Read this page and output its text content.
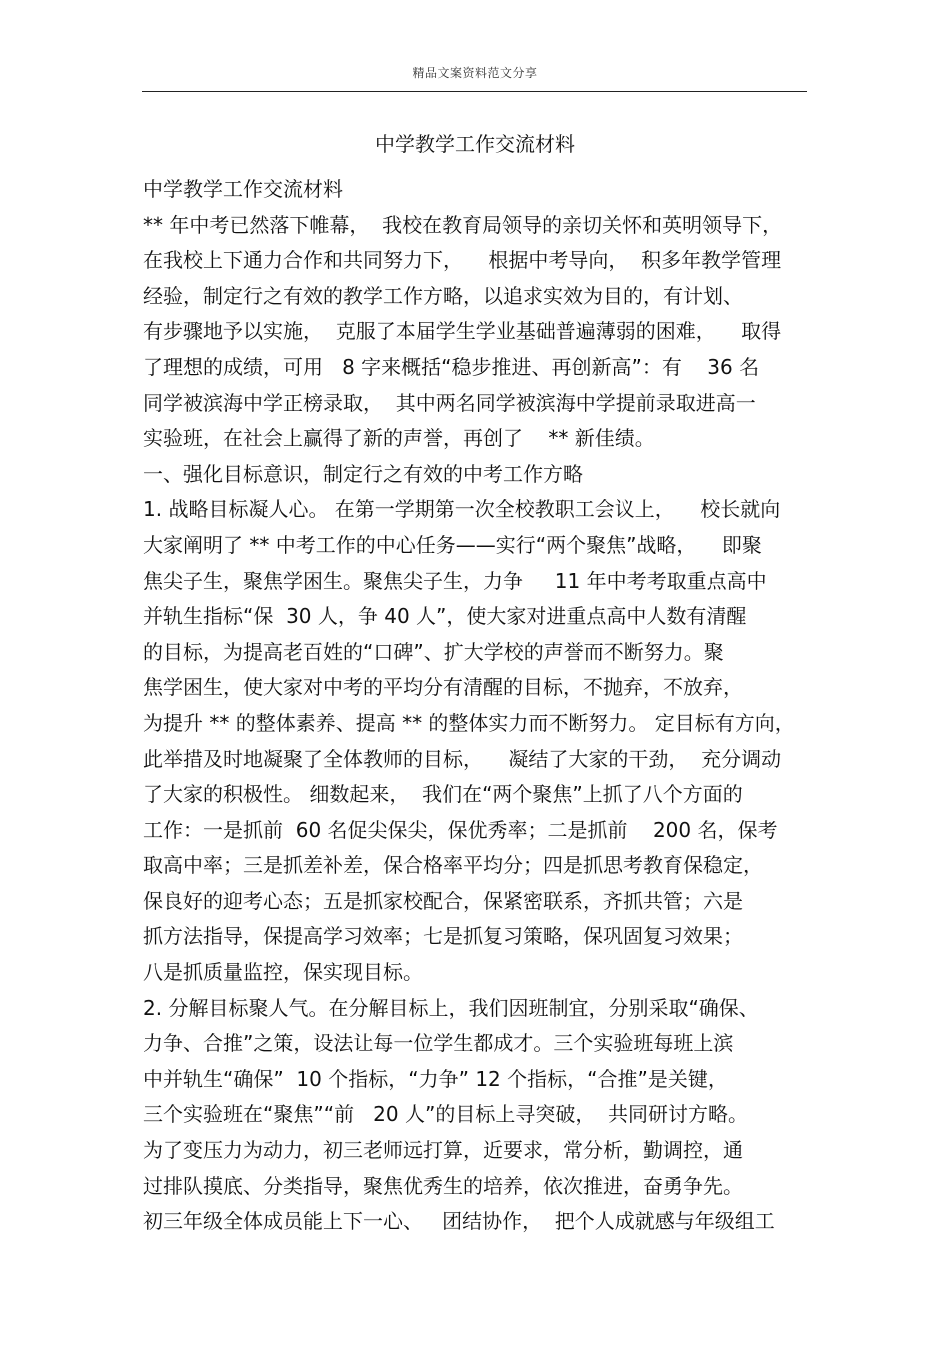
精品文案资料范文分享
中学教学工作交流材料
中学教学工作交流材料
** 年中考已然落下帷幕，  我校在教育局领导的亲切关怀和英明领导下，
在我校上下通力合作和共同努力下，    根据中考导向，  积多年教学管理
经验，制定行之有效的教学工作方略，以追求实效为目的，有计划、
有步骤地予以实施，  克服了本届学生学业基础普遍薄弱的困难，    取得
了理想的成绩，可用   8 字来概括“稳步推进、再创新高”：有    36 名
同学被滨海中学正榜录取，  其中两名同学被滨海中学提前录取进高一
实验班，在社会上赢得了新的声誉，再创了    ** 新佳绩。
一、强化目标意识，制定行之有效的中考工作方略
1. 战略目标凝人心。 在第一学期第一次全校教职工会议上，    校长就向
大家阐明了 ** 中考工作的中心任务——实行“两个聚焦”战略，    即聚
焦尖子生，聚焦学困生。聚焦尖子生，力争     11 年中考考取重点高中
并轨生指标“保  30 人，争 40 人”，使大家对进重点高中人数有清醒
的目标，为提高老百姓的“口碑”、扩大学校的声誉而不断努力。聚
焦学困生，使大家对中考的平均分有清醒的目标，不抛弃，不放弃，
为提升 ** 的整体素养、提高 ** 的整体实力而不断努力。 定目标有方向，
此举措及时地凝聚了全体教师的目标，    凝结了大家的干劲，  充分调动
了大家的积极性。 细数起来，  我们在“两个聚焦”上抓了八个方面的
工作：一是抓前  60 名促尖保尖，保优秀率；二是抓前    200 名，保考
取高中率；三是抓差补差，保合格率平均分；四是抓思考教育保稳定，
保良好的迎考心态；五是抓家校配合，保紧密联系，齐抓共管；六是
抓方法指导，保提高学习效率；七是抓复习策略，保巩固复习效果；
八是抓质量监控，保实现目标。
2. 分解目标聚人气。在分解目标上，我们因班制宜，分别采取“确保、
力争、合推”之策，设法让每一位学生都成才。三个实验班每班上滨
中并轨生“确保”  10 个指标，“力争” 12 个指标，“合推”是关键，
三个实验班在“聚焦”“前   20 人”的目标上寻突破，  共同研讨方略。
为了变压力为动力，初三老师远打算，近要求，常分析，勤调控，通
过排队摸底、分类指导，聚焦优秀生的培养，依次推进，奋勇争先。
初三年级全体成员能上下一心、   团结协作，  把个人成就感与年级组工
